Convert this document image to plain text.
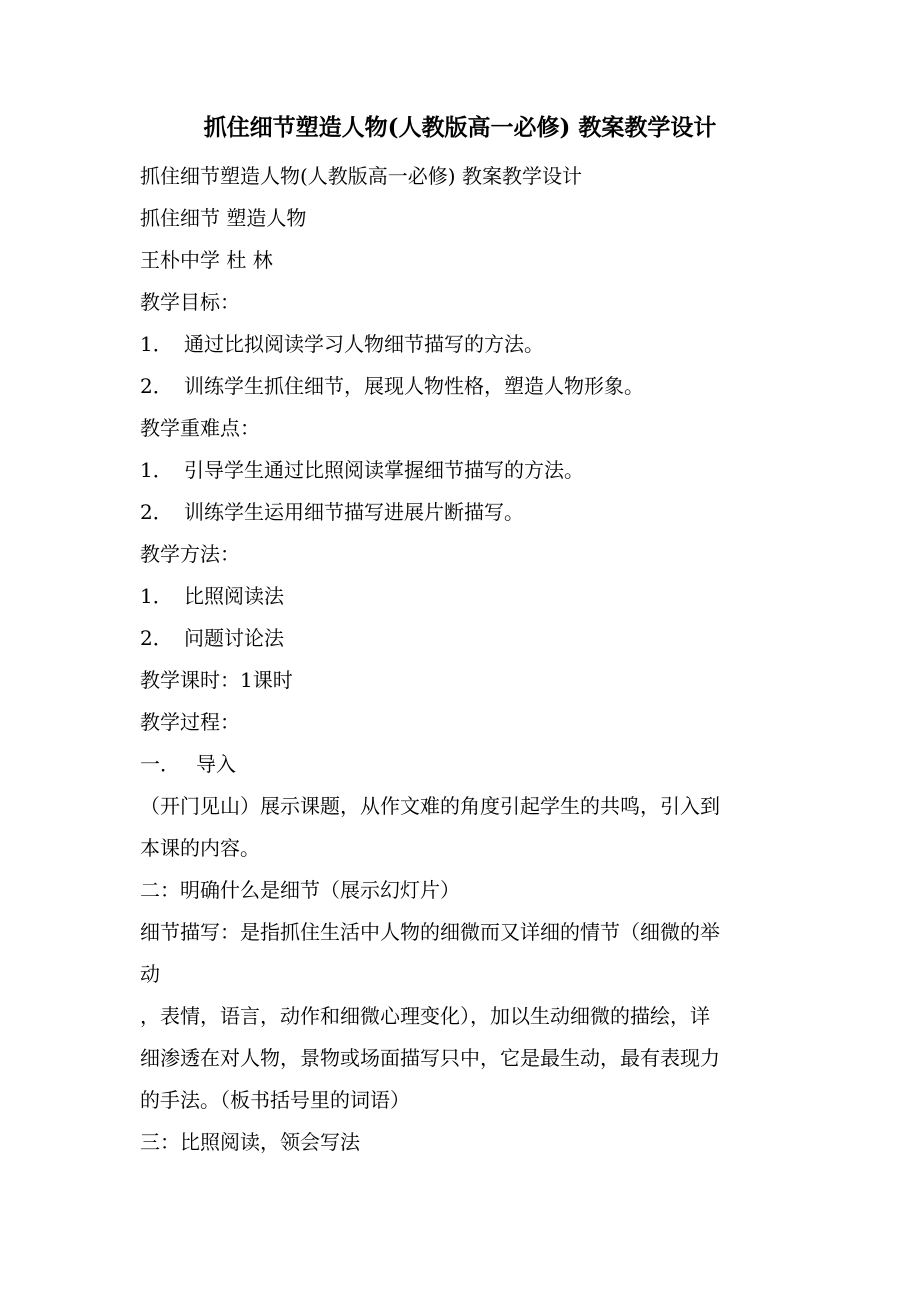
抓住细节塑造人物(人教版高一必修) 教案教学设计

抓住细节塑造人物(人教版高一必修) 教案教学设计

抓住细节 塑造人物

王朴中学 杜 林

教学目标：

1． 通过比拟阅读学习人物细节描写的方法。

2． 训练学生抓住细节，展现人物性格，塑造人物形象。

教学重难点：

1． 引导学生通过比照阅读掌握细节描写的方法。

2． 训练学生运用细节描写进展片断描写。

教学方法：

1． 比照阅读法

2． 问题讨论法

教学课时：1课时

教学过程：

一． 导入

（开门见山）展示课题，从作文难的角度引起学生的共鸣，引入到

本课的内容。

二：明确什么是细节（展示幻灯片）

细节描写：是指抓住生活中人物的细微而又详细的情节（细微的举

动

，表情，语言，动作和细微心理变化），加以生动细微的描绘，详

细渗透在对人物，景物或场面描写只中，它是最生动，最有表现力

的手法。（板书括号里的词语）

三：比照阅读，领会写法
